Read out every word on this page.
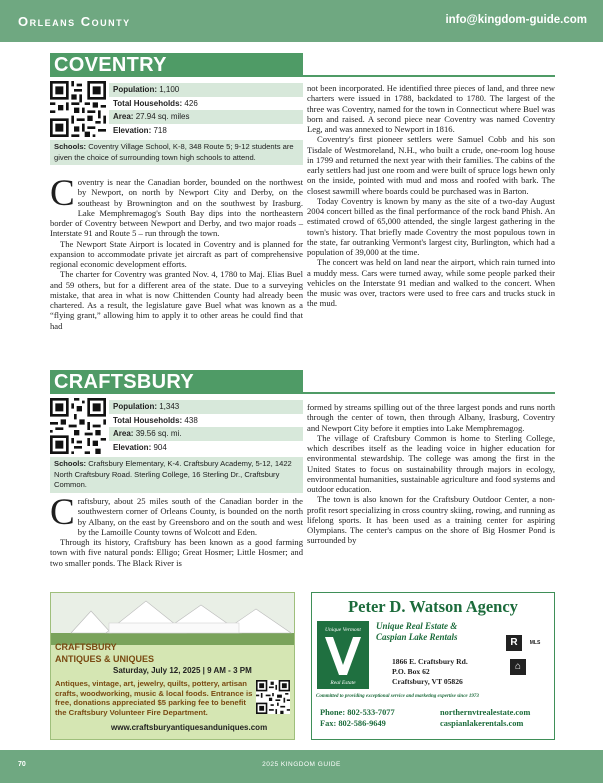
Orleans County	info@kingdom-guide.com
COVENTRY
Population: 1,100
Total Households: 426
Area: 27.94 sq. miles
Elevation: 718
Schools: Coventry Village School, K-8, 348 Route 5; 9-12 students are given the choice of surrounding town high schools to attend.

Coventry is near the Canadian border, bounded on the northwest by Newport, on north by Newport City and Derby, on the southeast by Brownington and on the southwest by Irasburg. Lake Memphremagog's South Bay dips into the northeastern border of Coventry between Newport and Derby, and two major roads – Interstate 91 and Route 5 – run through the town.

The Newport State Airport is located in Coventry and is planned for expansion to accommodate private jet aircraft as part of comprehensive regional economic development efforts.

The charter for Coventry was granted Nov. 4, 1780 to Maj. Elias Buel and 59 others, but for a different area of the state. Due to a surveying mistake, that area in what is now Chittenden County had already been chartered. As a result, the legislature gave Buel what was known as a “flying grant,” allowing him to apply it to other areas he could find that had

not been incorporated. He identified three pieces of land, and three new charters were issued in 1788, backdated to 1780. The largest of the three was Coventry, named for the town in Connecticut where Buel was born and raised. A second piece near Coventry was named Coventry Leg, and was annexed to Newport in 1816.

Coventry's first pioneer settlers were Samuel Cobb and his son Tisdale of Westmoreland, N.H., who built a crude, one-room log house in 1799 and returned the next year with their families. The cabins of the early settlers had just one room and were built of spruce logs hewn only on the inside, pointed with mud and moss and roofed with bark. The closest sawmill where boards could be purchased was in Barton.

Today Coventry is known by many as the site of a two-day August 2004 concert billed as the final performance of the rock band Phish. An estimated crowd of 65,000 attended, the single largest gathering in the town's history. That briefly made Coventry the most populous town in the state, far outranking Vermont's largest city, Burlington, which had a population of 39,000 at the time.

The concert was held on land near the airport, which rain turned into a muddy mess. Cars were turned away, while some people parked their vehicles on the Interstate 91 median and walked to the concert. When the music was over, tractors were used to free cars and trucks stuck in the mud.

CRAFTSBURY
Population: 1,343
Total Households: 438
Area: 39.56 sq. mi.
Elevation: 904
Schools: Craftsbury Elementary, K-4. Craftsbury Academy, 5-12, 1422 North Craftsbury Road. Sterling College, 16 Sterling Dr., Craftsbury Common.

Craftsbury, about 25 miles south of the Canadian border in the southwestern corner of Orleans County, is bounded on the north by Albany, on the east by Greensboro and on the south and west by the Lamoille County towns of Wolcott and Eden.

Through its history, Craftsbury has been known as a good farming town with five natural ponds: Elligo; Great Hosmer; Little Hosmer; and two smaller ponds. The Black River is

formed by streams spilling out of the three largest ponds and runs north through the center of town, then through Albany, Irasburg, Coventry and Newport City before it empties into Lake Memphremagog.

The village of Craftsbury Common is home to Sterling College, which describes itself as the leading voice in higher education for environmental stewardship. The college was among the first in the United States to focus on sustainability through majors in ecology, environmental humanities, sustainable agriculture and food systems and outdoor education.

The town is also known for the Craftsbury Outdoor Center, a non-profit resort specializing in cross country skiing, rowing, and running as lifelong sports. It has been used as a training center for aspiring Olympians. The center's campus on the shore of Big Hosmer Pond is surrounded by

CRAFTSBURY
ANTIQUES & UNIQUES
Saturday, July 12, 2025 | 9 AM - 3 PM
Antiques, vintage, art, jewelry, quilts, pottery, artisan crafts, woodworking, music & local foods. Entrance is free, donations appreciated $5 parking fee to benefit the Craftsbury Volunteer Fire Department.
www.craftsburyantiquesanduniques.com
Peter D. Watson Agency
Unique Vermont
Real Estate
Unique Real Estate &
Caspian Lake Rentals	R	MLS
⌂
1866 E. Craftsbury Rd.
P.O. Box 62
Craftsbury, VT 05826
Committed to providing exceptional service and marketing expertise since 1973
Phone: 802-533-7077
Fax: 802-586-9649
northernvtrealestate.com
caspianlakerentals.com
2025 KINGDOM GUIDE
70
